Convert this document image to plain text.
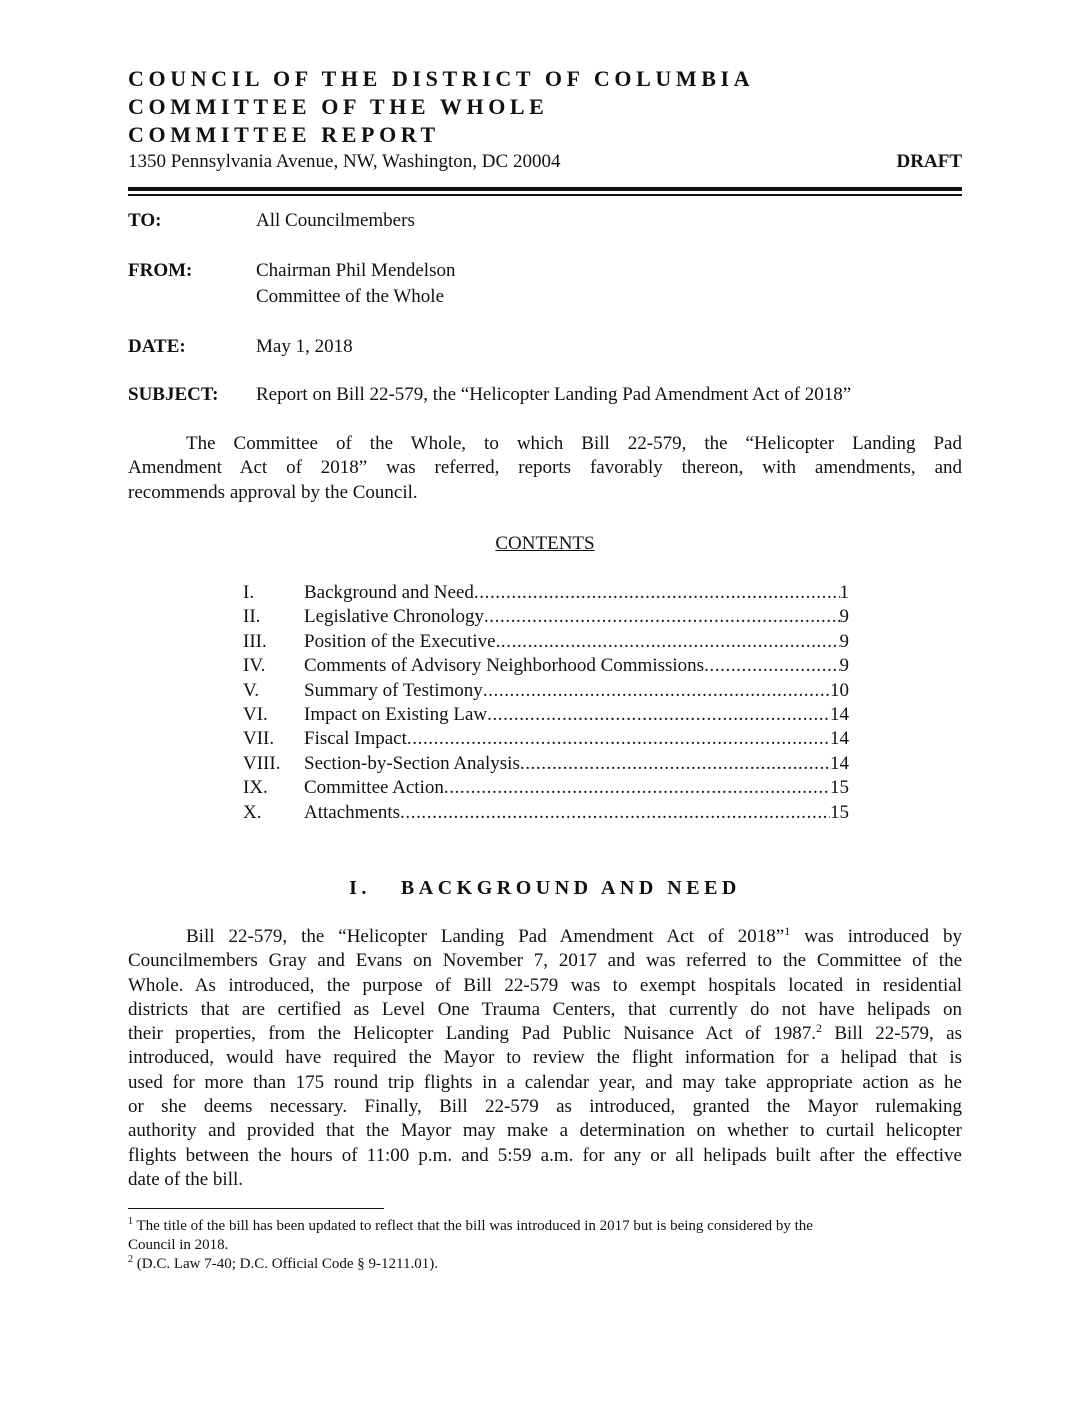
COUNCIL OF THE DISTRICT OF COLUMBIA
COMMITTEE OF THE WHOLE
COMMITTEE REPORT
1350 Pennsylvania Avenue, NW, Washington, DC 20004	DRAFT
TO:	All Councilmembers
FROM:	Chairman Phil Mendelson
Committee of the Whole
DATE:	May 1, 2018
SUBJECT: Report on Bill 22-579, the “Helicopter Landing Pad Amendment Act of 2018”
The Committee of the Whole, to which Bill 22-579, the “Helicopter Landing Pad
Amendment Act of 2018” was referred, reports favorably thereon, with amendments, and
recommends approval by the Council.
CONTENTS
I.	Background and Need .....	1
II.	Legislative Chronology .....	9
III.	Position of the Executive .....	9
IV.	Comments of Advisory Neighborhood Commissions .....	9
V.	Summary of Testimony .....	10
VI.	Impact on Existing Law .....	14
VII.	Fiscal Impact .....	14
VIII.	Section-by-Section Analysis .....	14
IX.	Committee Action .....	15
X.	Attachments .....	15
I. BACKGROUND AND NEED
Bill 22-579, the “Helicopter Landing Pad Amendment Act of 2018”$^1$ was introduced by
Councilmembers Gray and Evans on November 7, 2017 and was referred to the Committee of the
Whole. As introduced, the purpose of Bill 22-579 was to exempt hospitals located in residential
districts that are certified as Level One Trauma Centers, that currently do not have helipads on
their properties, from the Helicopter Landing Pad Public Nuisance Act of 1987.$^2$ Bill 22-579, as
introduced, would have required the Mayor to review the flight information for a helipad that is
used for more than 175 round trip flights in a calendar year, and may take appropriate action as he
or she deems necessary. Finally, Bill 22-579 as introduced, granted the Mayor rulemaking
authority and provided that the Mayor may make a determination on whether to curtail helicopter
flights between the hours of 11:00 p.m. and 5:59 a.m. for any or all helipads built after the effective
date of the bill.
$^1$ The title of the bill has been updated to reflect that the bill was introduced in 2017 but is being considered by the
Council in 2018.
$^2$ (D.C. Law 7-40; D.C. Official Code § 9-1211.01).
